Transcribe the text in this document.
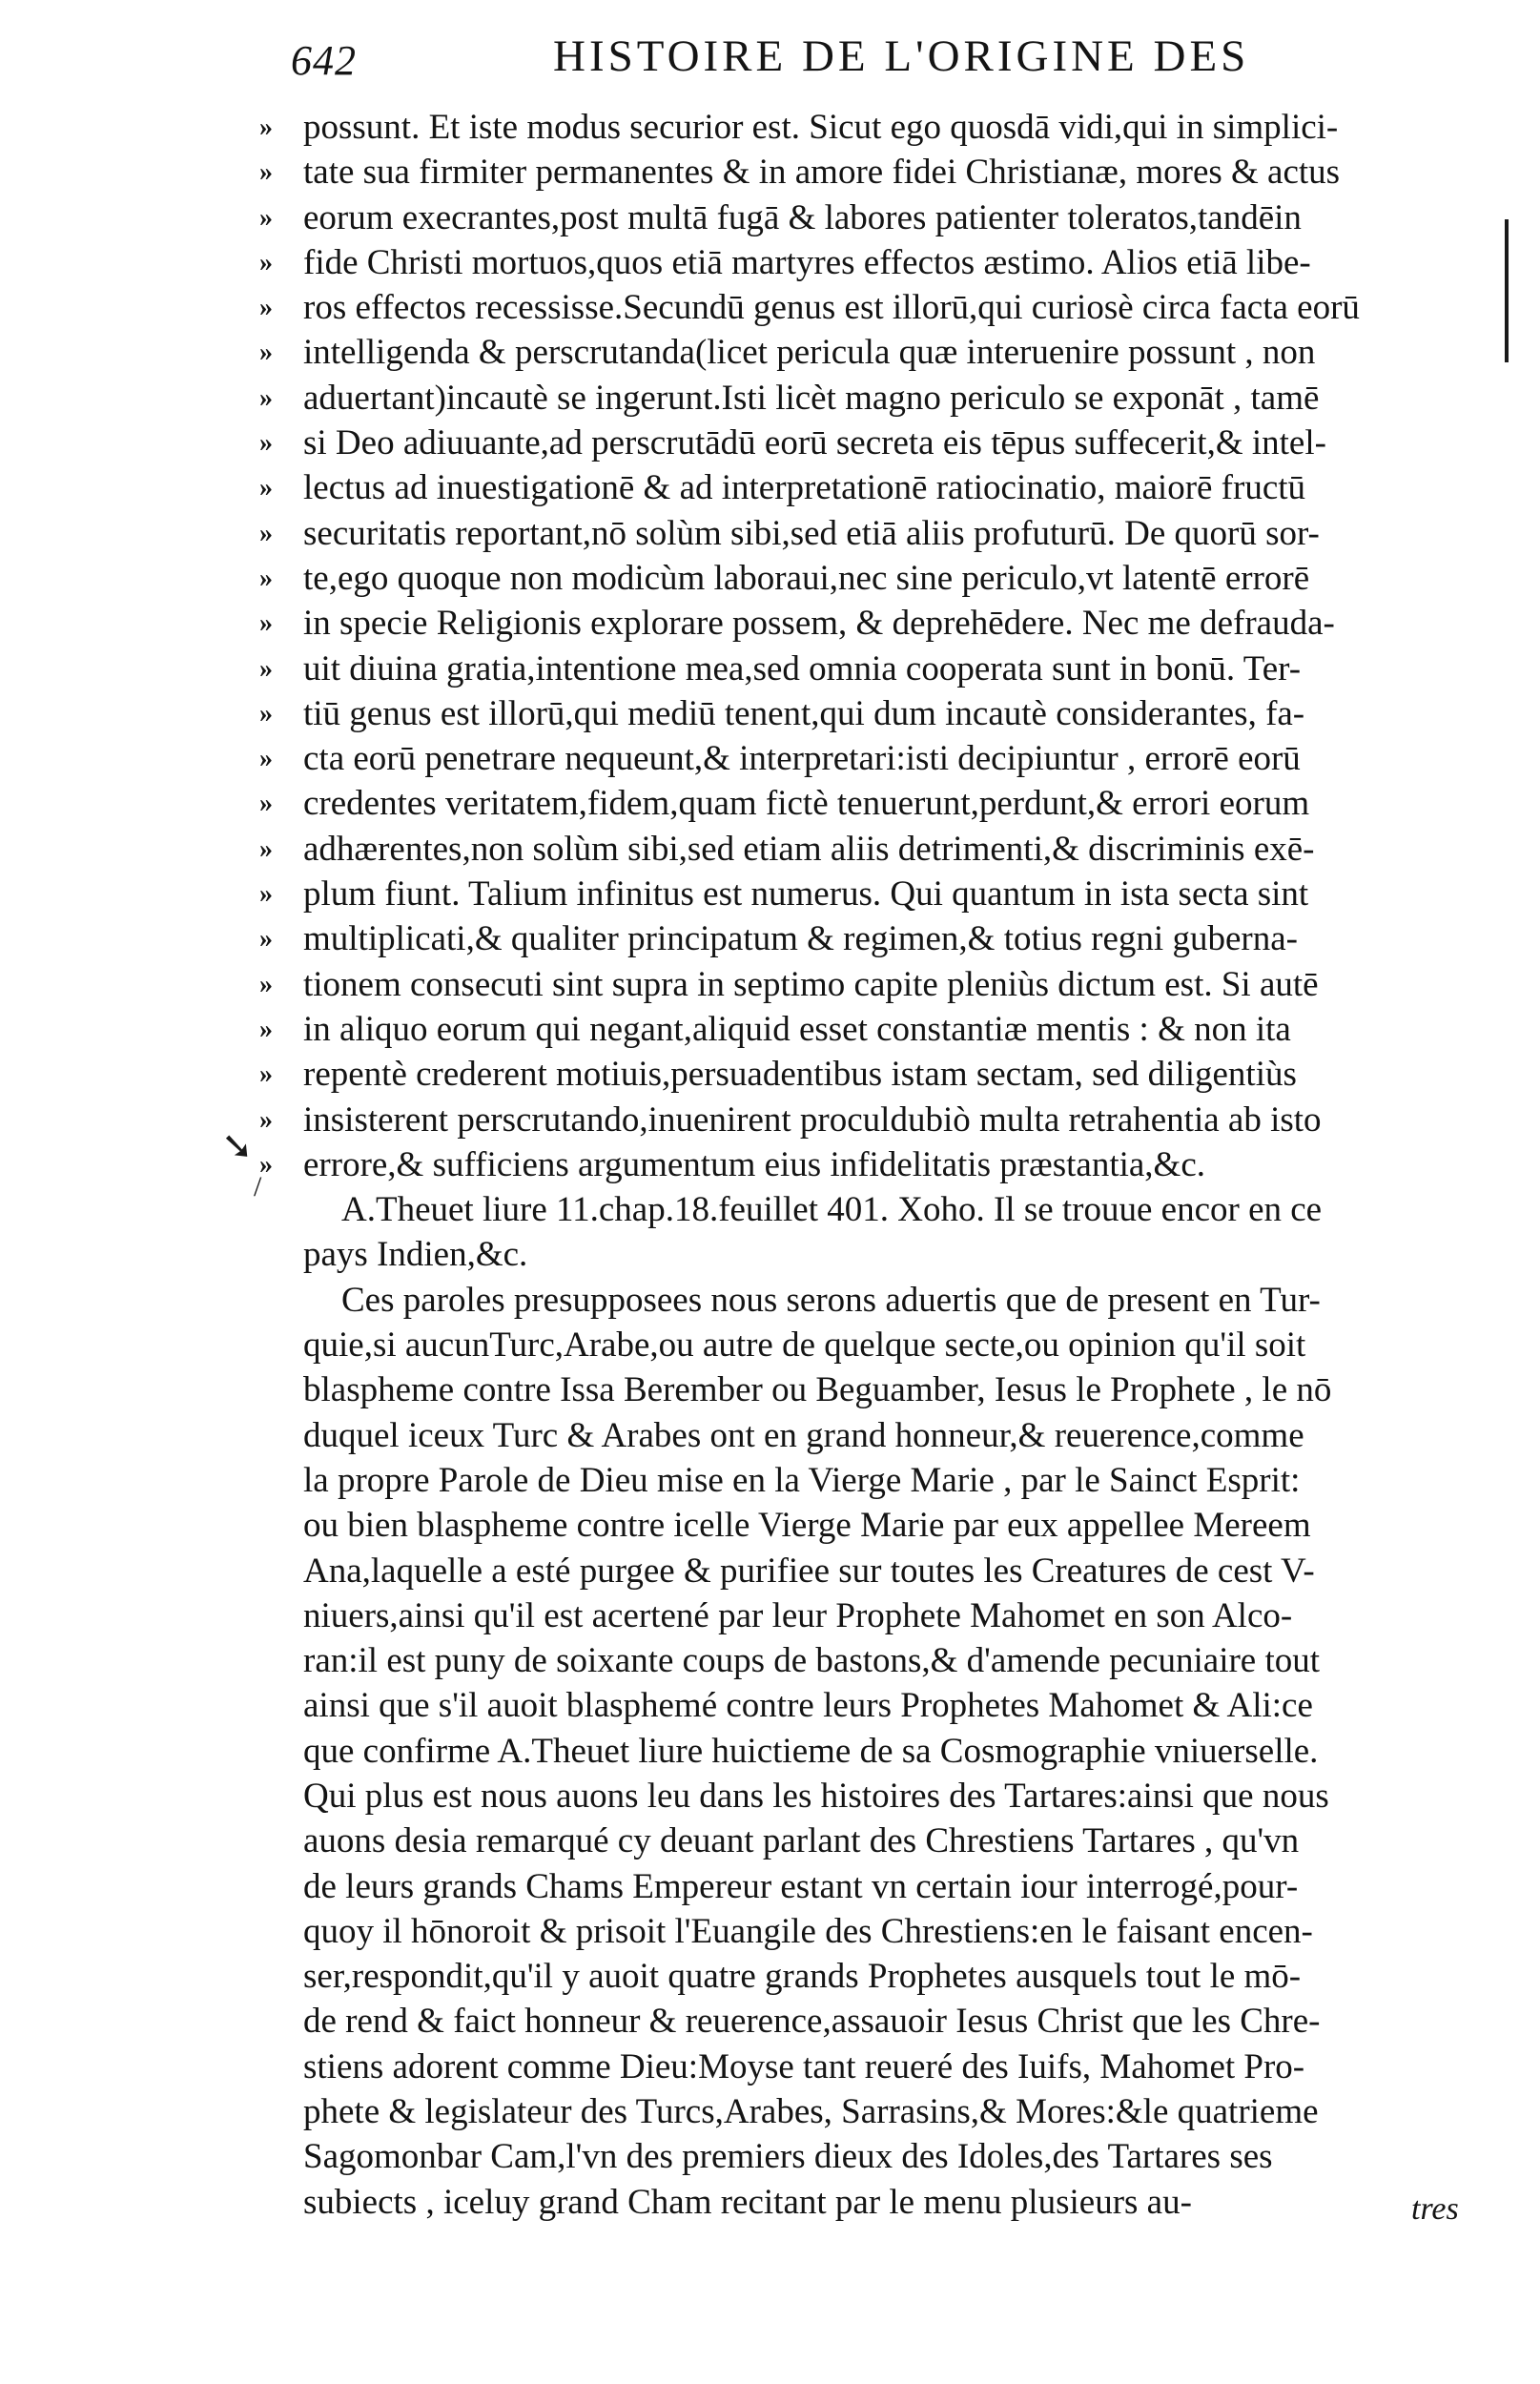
642	HISTOIRE DE L'ORIGINE DES
» possunt. Et iste modus securior est. Sicut ego quosdā vidi,qui in simplici-
» tate sua firmiter permanentes & in amore fidei Christianæ, mores & actus
» eorum execrantes,post multā fugā & labores patienter toleratos,tandēin
» fide Christi mortuos,quos etiā martyres effectos æstimo. Alios etiā libe-
» ros effectos recessisse.Secundū genus est illorū,qui curiosè circa facta eorū
» intelligenda & perscrutanda(licet pericula quæ interuenire possunt , non
» aduertant)incautè se ingerunt.Isti licèt magno periculo se exponāt , tamē
» si Deo adiuuante,ad perscrutādū eorū secreta eis tēpus suffecerit,& intel-
» lectus ad inuestigationē & ad interpretationē ratiocinatio, maiorē fructū
» securitatis reportant,nō solùm sibi,sed etiā aliis profuturū. De quorū sor-
» te,ego quoque non modicùm laboraui,nec sine periculo,vt latentē errorē
» in specie Religionis explorare possem, & deprehēdere. Nec me defrauda-
» uit diuina gratia,intentione mea,sed omnia cooperata sunt in bonū. Ter-
» tiū genus est illorū,qui mediū tenent,qui dum incautè considerantes, fa-
» cta eorū penetrare nequeunt,& interpretari:isti decipiuntur , errorē eorū
» credentes veritatem,fidem,quam fictè tenuerunt,perdunt,& errori eorum
» adhærentes,non solùm sibi,sed etiam aliis detrimenti,& discriminis exē-
» plum fiunt. Talium infinitus est numerus. Qui quantum in ista secta sint
» multiplicati,& qualiter principatum & regimen,& totius regni guberna-
» tionem consecuti sint supra in septimo capite pleniùs dictum est. Si autē
» in aliquo eorum qui negant,aliquid esset constantiæ mentis : & non ita
» repentè crederent motiuis,persuadentibus istam sectam, sed diligentiùs
» insisterent perscrutando,inuenirent proculdubiò multa retrahentia ab isto
» errore,& sufficiens argumentum eius infidelitatis præstantia,&c.
A.Theuet liure 11.chap.18.feuillet 401. Xoho. Il se trouue encor en ce
pays Indien,&c.
Ces paroles presupposees nous serons aduertis que de present en Tur-
quie,si aucunTurc,Arabe,ou autre de quelque secte,ou opinion qu'il soit
blaspheme contre Issa Berember ou Beguamber, Iesus le Prophete , le nō
duquel iceux Turc & Arabes ont en grand honneur,& reuerence,comme
la propre Parole de Dieu mise en la Vierge Marie , par le Sainct Esprit:
ou bien blaspheme contre icelle Vierge Marie par eux appellee Mereem
Ana,laquelle a esté purgee & purifiee sur toutes les Creatures de cest V-
niuers,ainsi qu'il est acertené par leur Prophete Mahomet en son Alco-
ran:il est puny de soixante coups de bastons,& d'amende pecuniaire tout
ainsi que s'il auoit blasphemé contre leurs Prophetes Mahomet & Ali:ce
que confirme A.Theuet liure huictieme de sa Cosmographie vniuerselle.
Qui plus est nous auons leu dans les histoires des Tartares:ainsi que nous
auons desia remarqué cy deuant parlant des Chrestiens Tartares , qu'vn
de leurs grands Chams Empereur estant vn certain iour interrogé,pour-
quoy il hōnoroit & prisoit l'Euangile des Chrestiens:en le faisant encen-
ser,respondit,qu'il y auoit quatre grands Prophetes ausquels tout le mō-
de rend & faict honneur & reuerence,assauoir Iesus Christ que les Chre-
stiens adorent comme Dieu:Moyse tant reueré des Iuifs, Mahomet Pro-
phete & legislateur des Turcs,Arabes, Sarrasins,& Mores:&le quatrieme
Sagomonbar Cam,l'vn des premiers dieux des Idoles,des Tartares ses
subiects , iceluy grand Cham recitant par le menu plusieurs au-
➘
/
tres
